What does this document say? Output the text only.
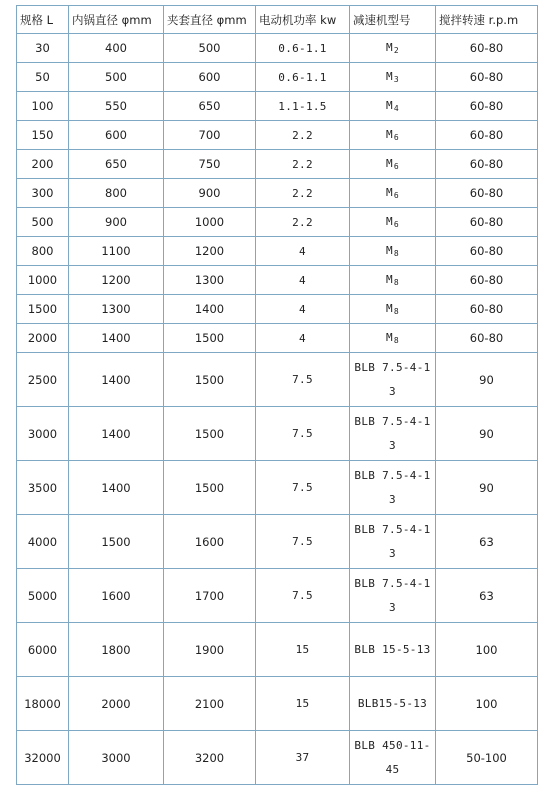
规格 L	内锅直径 φmm	夹套直径 φmm	电动机功率 kw	减速机型号	搅拌转速 r.p.m
30	400	500	0.6-1.1	$M_2$	60-80
50	500	600	0.6-1.1	$M_3$	60-80
100	550	650	1.1-1.5	$M_4$	60-80
150	600	700	2.2	$M_6$	60-80
200	650	750	2.2	$M_6$	60-80
300	800	900	2.2	$M_6$	60-80
500	900	1000	2.2	$M_6$	60-80
800	1100	1200	4	$M_8$	60-80
1000	1200	1300	4	$M_8$	60-80
1500	1300	1400	4	$M_8$	60-80
2000	1400	1500	4	$M_8$	60-80
2500	1400	1500	7.5	BLB 7.5-4-13	90
3000	1400	1500	7.5	BLB 7.5-4-13	90
3500	1400	1500	7.5	BLB 7.5-4-13	90
4000	1500	1600	7.5	BLB 7.5-4-13	63
5000	1600	1700	7.5	BLB 7.5-4-13	63
6000	1800	1900	15	BLB 15-5-13	100
18000	2000	2100	15	BLB15-5-13	100
32000	3000	3200	37	BLB 450-11-45	50-100
